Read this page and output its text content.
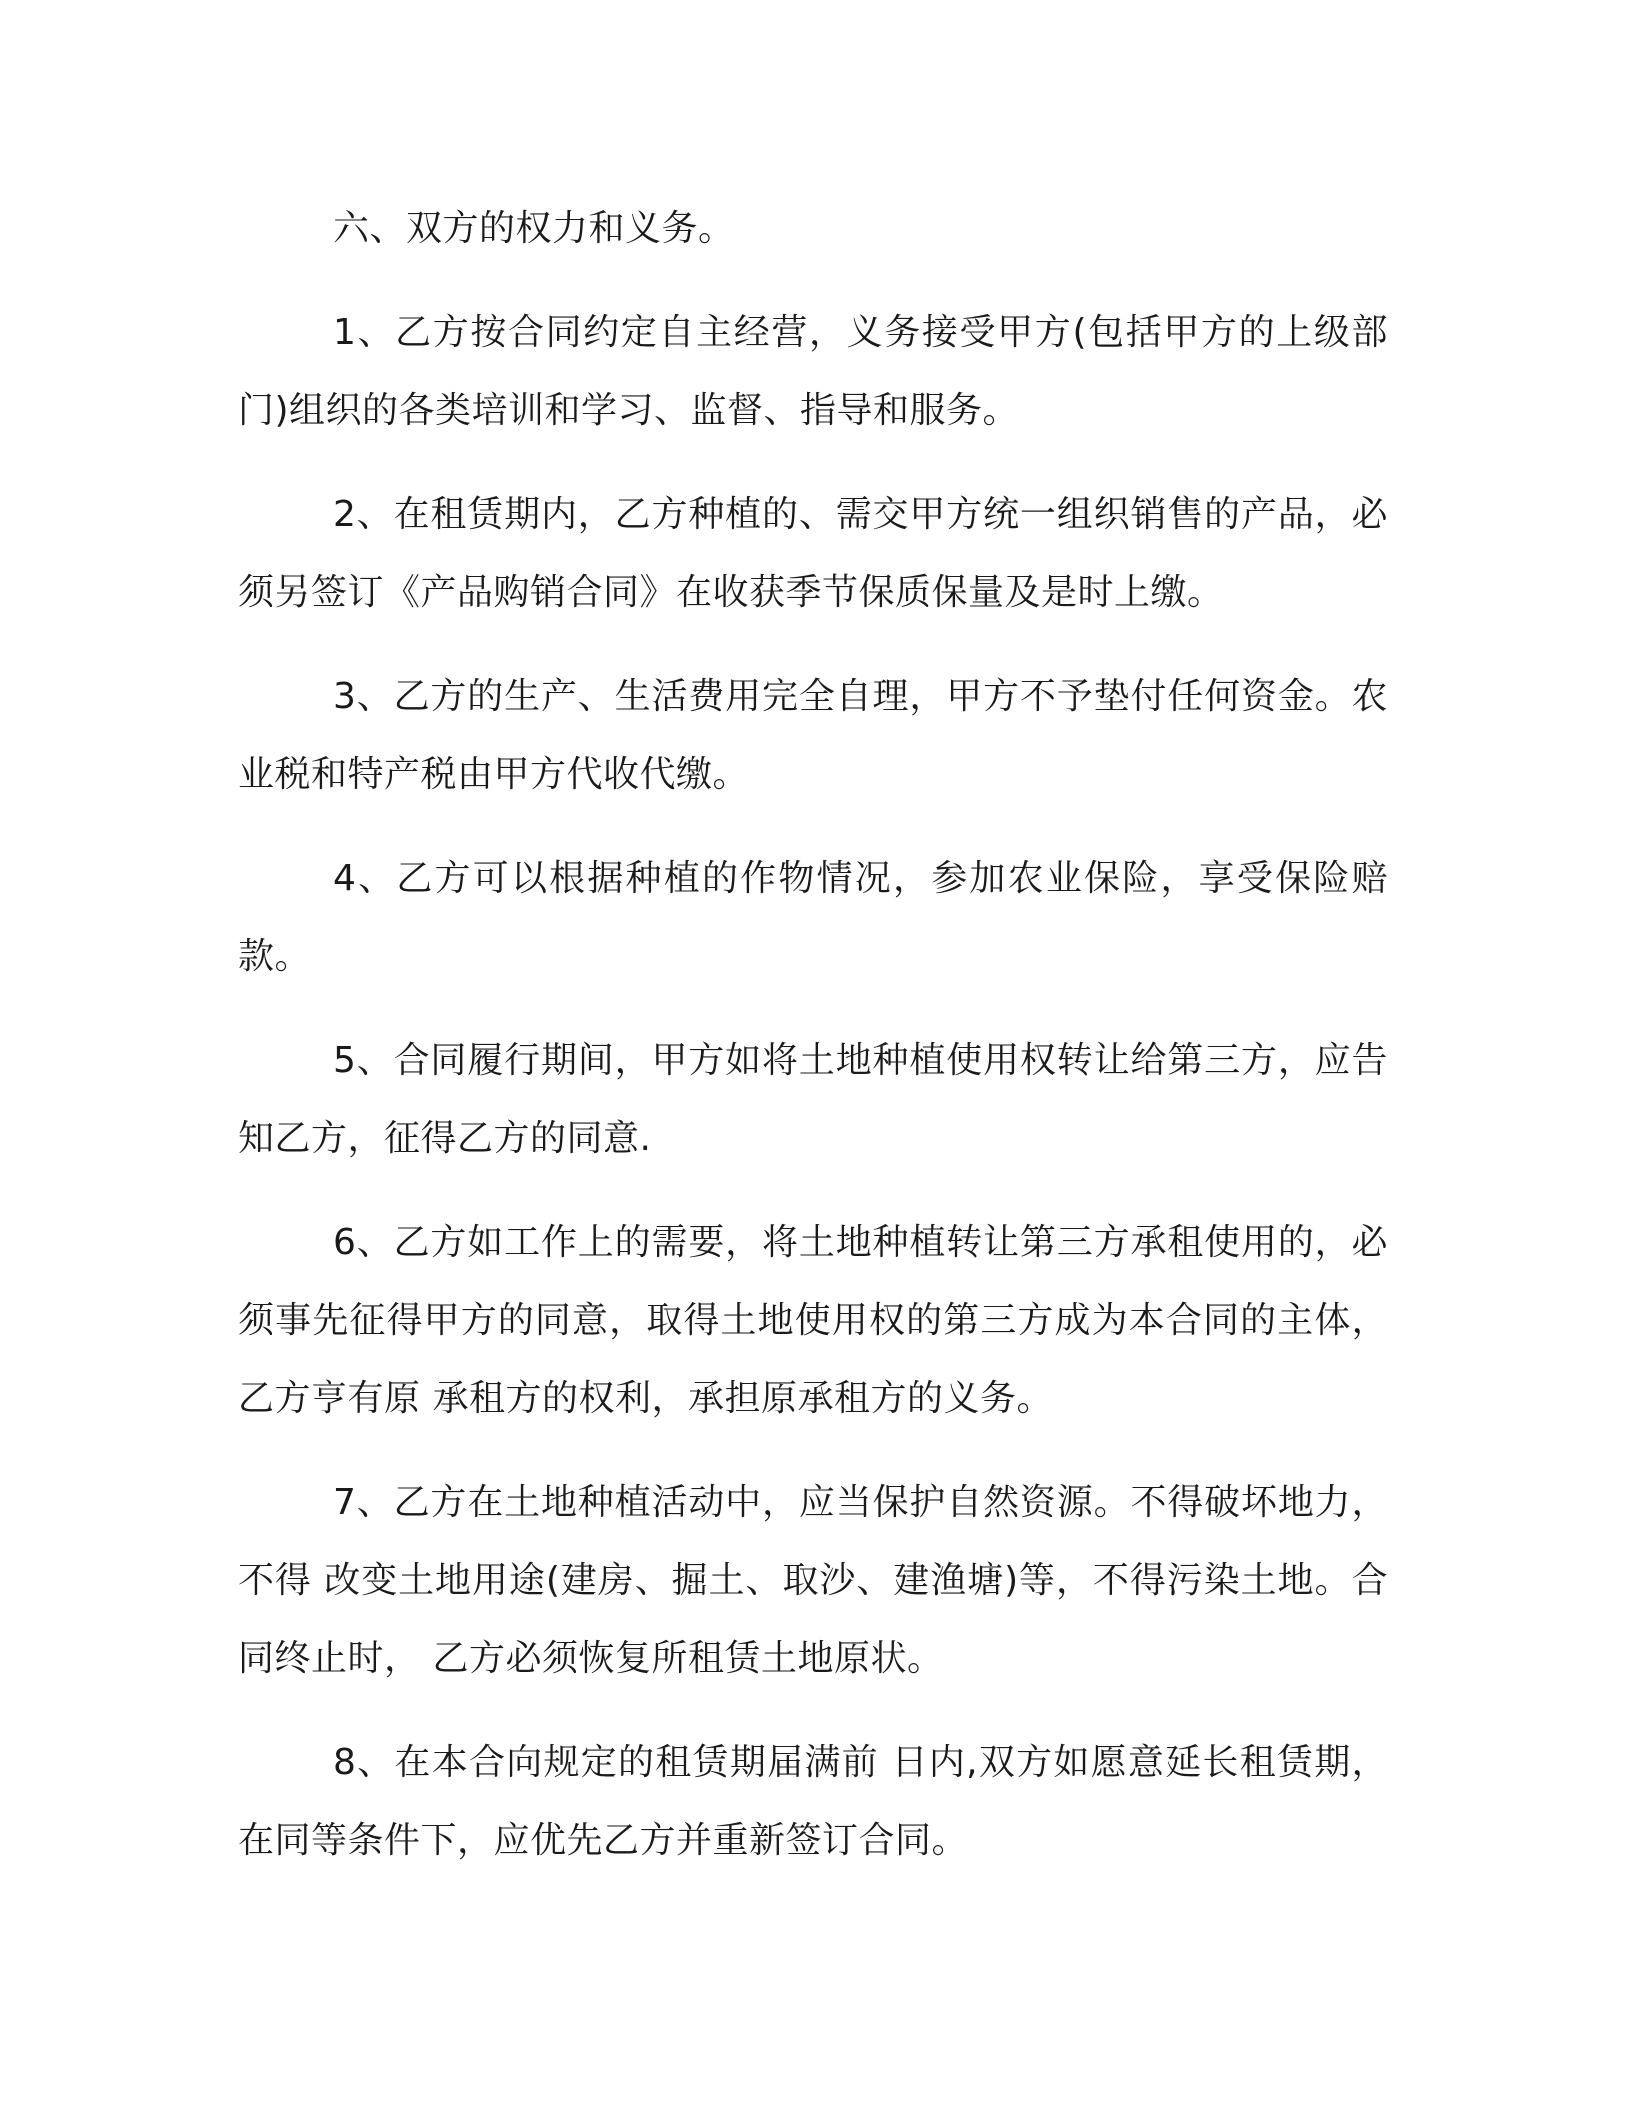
六、双方的权力和义务。

1、乙方按合同约定自主经营，义务接受甲方(包括甲方的上级部门)组织的各类培训和学习、监督、指导和服务。

2、在租赁期内，乙方种植的、需交甲方统一组织销售的产品，必须另签订《产品购销合同》在收获季节保质保量及是时上缴。

3、乙方的生产、生活费用完全自理，甲方不予垫付任何资金。农业税和特产税由甲方代收代缴。

4、乙方可以根据种植的作物情况，参加农业保险，享受保险赔款。

5、合同履行期间，甲方如将土地种植使用权转让给第三方，应告知乙方，征得乙方的同意.

6、乙方如工作上的需要，将土地种植转让第三方承租使用的，必须事先征得甲方的同意，取得土地使用权的第三方成为本合同的主体，乙方亨有原 承租方的权利，承担原承租方的义务。

7、乙方在土地种植活动中，应当保护自然资源。不得破坏地力，不得 改变土地用途(建房、掘土、取沙、建渔塘)等，不得污染土地。合同终止时， 乙方必须恢复所租赁土地原状。

8、在本合向规定的租赁期届满前 日内,双方如愿意延长租赁期，在同等条件下，应优先乙方并重新签订合同。
